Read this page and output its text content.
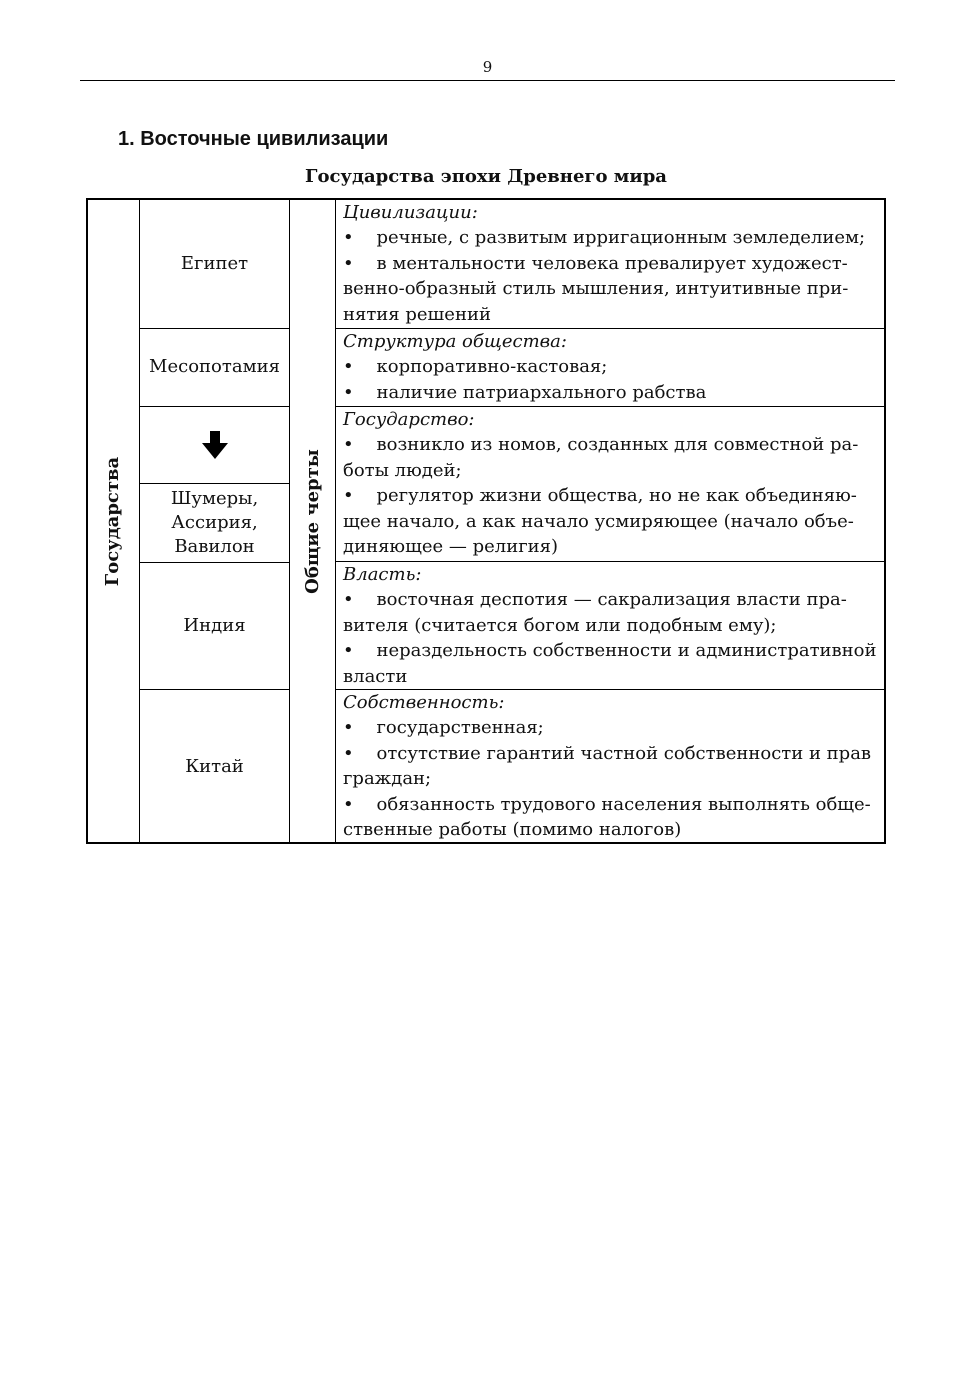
9
1. Восточные цивилизации
Государства эпохи Древнего мира
Государства	Общие черты
Египет
Месопотамия
Шумеры,
Ассирия,
Вавилон
Индия
Китай
Цивилизации:
•    речные, с развитым ирригационным земледелием;
•    в ментальности человека превалирует художест-
венно-образный стиль мышления, интуитивные при-
нятия решений
Структура общества:
•    корпоративно-кастовая;
•    наличие патриархального рабства
Государство:
•    возникло из номов, созданных для совместной ра-
боты людей;
•    регулятор жизни общества, но не как объединяю-
щее начало, а как начало усмиряющее (начало объе-
диняющее — религия)
Власть:
•    восточная деспотия — сакрализация власти пра-
вителя (считается богом или подобным ему);
•    нераздельность собственности и административной
власти
Собственность:
•    государственная;
•    отсутствие гарантий частной собственности и прав
граждан;
•    обязанность трудового населения выполнять обще-
ственные работы (помимо налогов)
